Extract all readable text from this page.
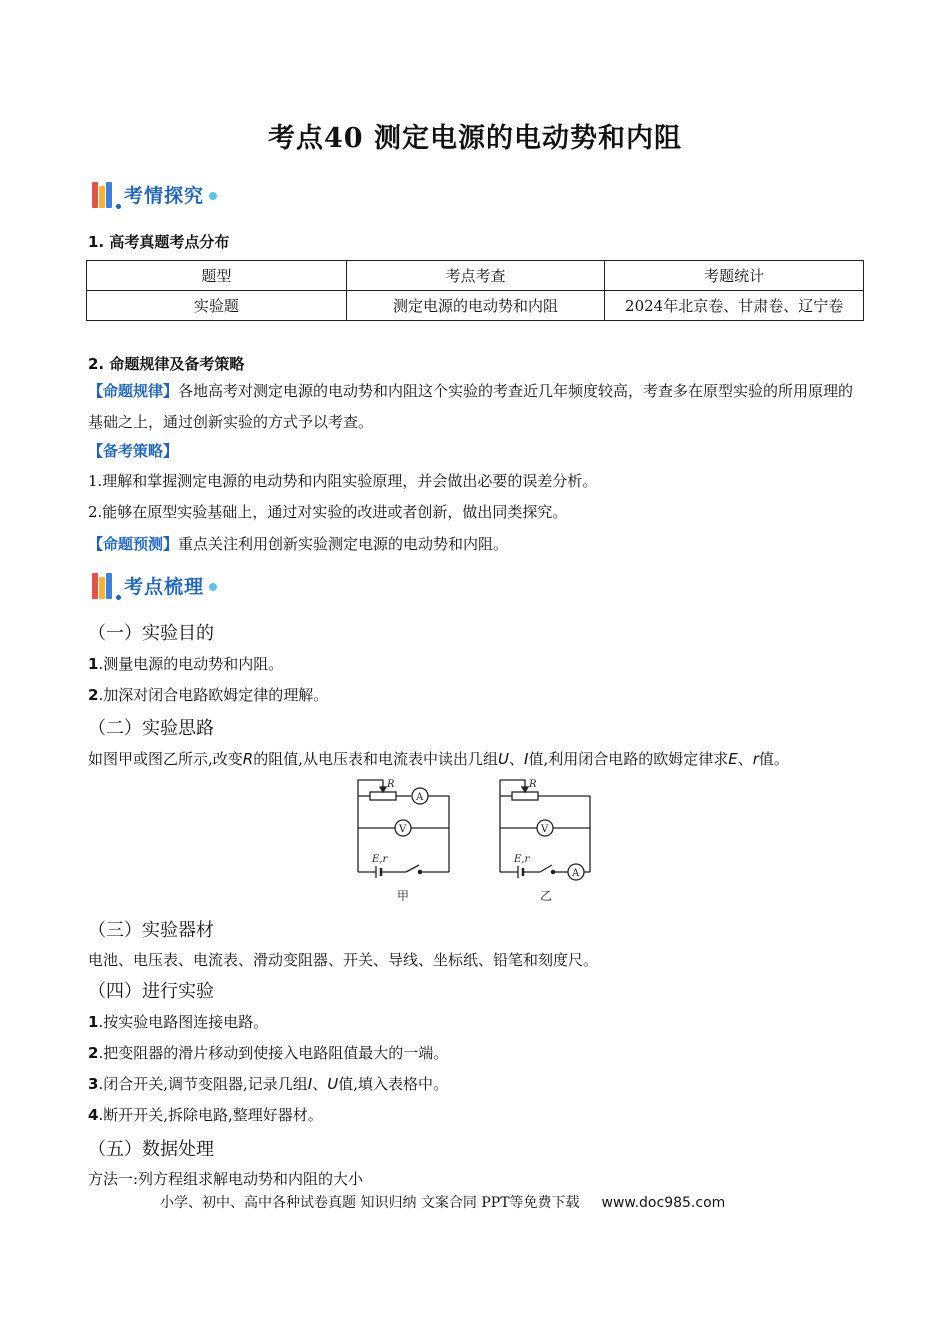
考点40 测定电源的电动势和内阻
考情探究
1. 高考真题考点分布
题型	考点考查	考题统计
实验题	测定电源的电动势和内阻	2024年北京卷、甘肃卷、辽宁卷
2. 命题规律及备考策略
【命题规律】各地高考对测定电源的电动势和内阻这个实验的考查近几年频度较高，考查多在原型实验的所用原理的基础之上，通过创新实验的方式予以考查。
【备考策略】
1.理解和掌握测定电源的电动势和内阻实验原理，并会做出必要的误差分析。
2.能够在原型实验基础上，通过对实验的改进或者创新，做出同类探究。
【命题预测】重点关注利用创新实验测定电源的电动势和内阻。
考点梳理
（一）实验目的
1.测量电源的电动势和内阻。
2.加深对闭合电路欧姆定律的理解。
（二）实验思路
如图甲或图乙所示,改变R的阻值,从电压表和电流表中读出几组U、I值,利用闭合电路的欧姆定律求E、r值。
R
A
V
E,r
甲
R
V
A
E,r
乙
（三）实验器材
电池、电压表、电流表、滑动变阻器、开关、导线、坐标纸、铅笔和刻度尺。
（四）进行实验
1.按实验电路图连接电路。
2.把变阻器的滑片移动到使接入电路阻值最大的一端。
3.闭合开关,调节变阻器,记录几组I、U值,填入表格中。
4.断开开关,拆除电路,整理好器材。
（五）数据处理
方法一:列方程组求解电动势和内阻的大小
小学、初中、高中各种试卷真题 知识归纳 文案合同 PPT等免费下载 www.doc985.com
